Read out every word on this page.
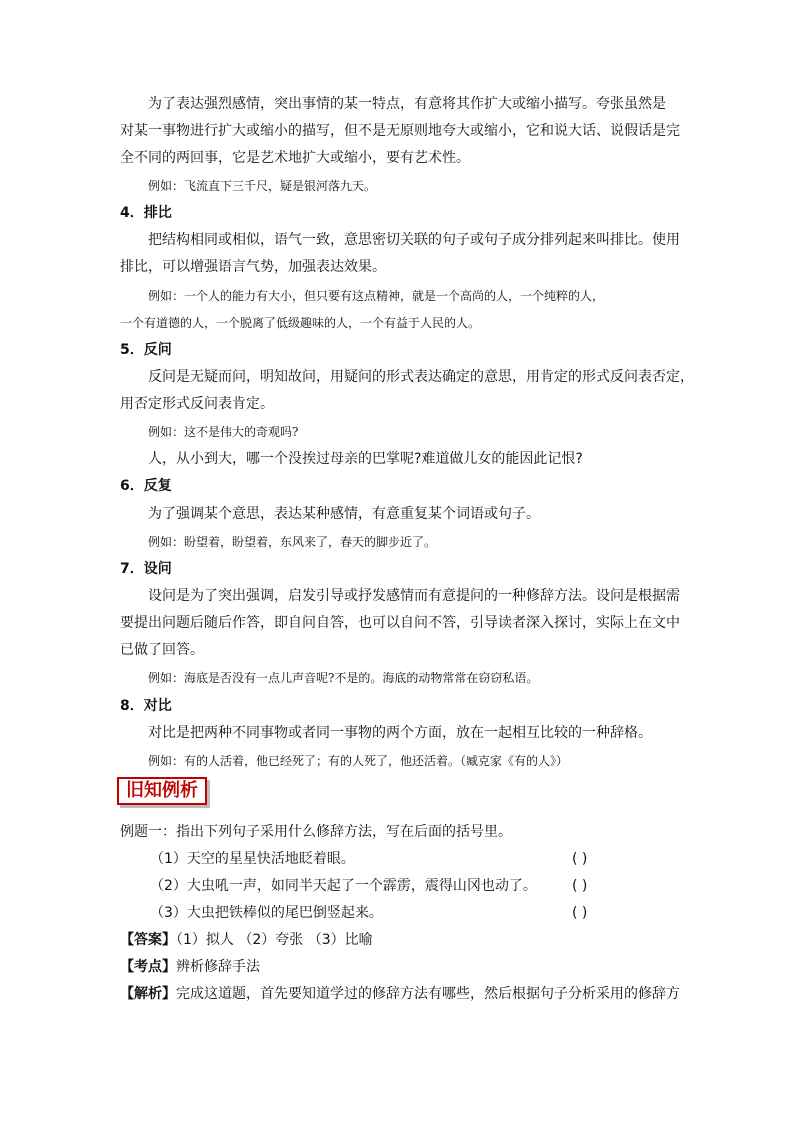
为了表达强烈感情，突出事情的某一特点，有意将其作扩大或缩小描写。夸张虽然是
对某一事物进行扩大或缩小的描写，但不是无原则地夸大或缩小，它和说大话、说假话是完
全不同的两回事，它是艺术地扩大或缩小，要有艺术性。
例如：飞流直下三千尺，疑是银河落九天。
4．排比
把结构相同或相似，语气一致，意思密切关联的句子或句子成分排列起来叫排比。使用
排比，可以增强语言气势，加强表达效果。
例如：一个人的能力有大小，但只要有这点精神，就是一个高尚的人，一个纯粹的人，
一个有道德的人，一个脱离了低级趣味的人，一个有益于人民的人。
5．反问
反问是无疑而问，明知故问，用疑问的形式表达确定的意思，用肯定的形式反问表否定，
用否定形式反问表肯定。
例如：这不是伟大的奇观吗?
人，从小到大，哪一个没挨过母亲的巴掌呢?难道做儿女的能因此记恨?
6．反复
为了强调某个意思，表达某种感情，有意重复某个词语或句子。
例如：盼望着，盼望着，东风来了，春天的脚步近了。
7．设问
设问是为了突出强调，启发引导或抒发感情而有意提问的一种修辞方法。设问是根据需
要提出问题后随后作答，即自问自答，也可以自问不答，引导读者深入探讨，实际上在文中
已做了回答。
例如：海底是否没有一点儿声音呢?不是的。海底的动物常常在窃窃私语。
8．对比
对比是把两种不同事物或者同一事物的两个方面，放在一起相互比较的一种辞格。
例如：有的人活着，他已经死了；有的人死了，他还活着。（臧克家《有的人》）
旧知例析
例题一：指出下列句子采用什么修辞方法，写在后面的括号里。
（1）天空的星星快活地眨着眼。	( )
（2）大虫吼一声，如同半天起了一个霹雳，震得山冈也动了。	( )
（3）大虫把铁棒似的尾巴倒竖起来。	( )
【答案】（1）拟人 （2）夸张 （3）比喻
【考点】辨析修辞手法
【解析】完成这道题，首先要知道学过的修辞方法有哪些，然后根据句子分析采用的修辞方
